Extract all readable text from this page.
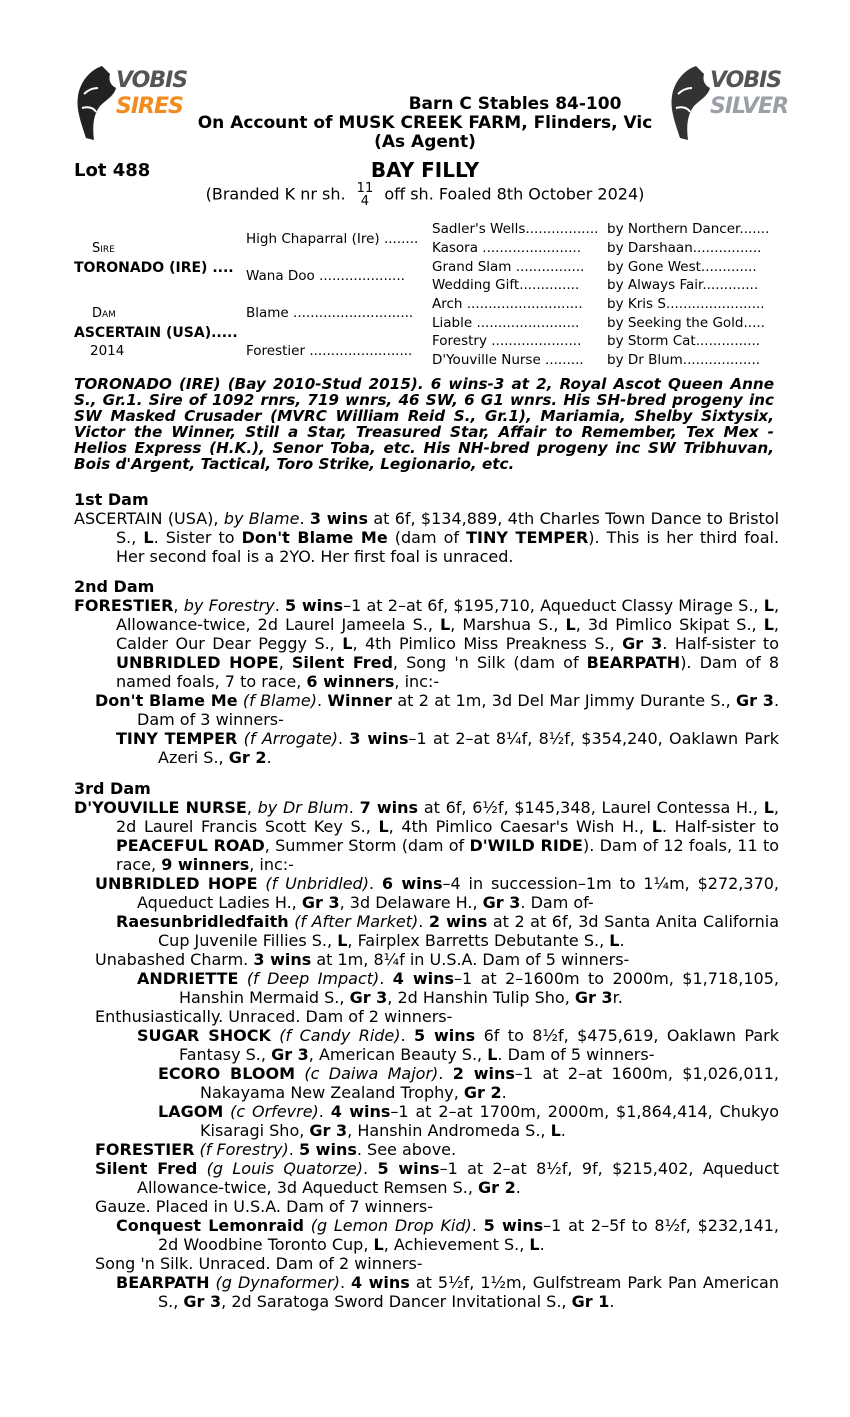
VOBIS
SIRES
VOBIS
SILVER
Barn C Stables 84-100
On Account of MUSK CREEK FARM, Flinders, Vic
(As Agent)
Lot 488	BAY FILLY
(Branded K nr sh. 11
4 off sh. Foaled 8th October 2024)
Sire
TORONADO (IRE) ....
Dam
ASCERTAIN (USA).....
2014
High Chaparral (Ire) ........
Wana Doo ....................
Blame ............................
Forestier ........................
Sadler's Wells.................
Kasora .......................
Grand Slam ................
Wedding Gift..............
Arch ...........................
Liable ........................
Forestry .....................
D'Youville Nurse .........
by Northern Dancer.......
by Darshaan................
by Gone West.............
by Always Fair.............
by Kris S.......................
by Seeking the Gold.....
by Storm Cat...............
by Dr Blum..................
TORONADO (IRE) (Bay 2010-Stud 2015). 6 wins-3 at 2, Royal Ascot Queen Anne S., Gr.1. Sire of 1092 rnrs, 719 wnrs, 46 SW, 6 G1 wnrs. His SH-bred progeny inc SW Masked Crusader (MVRC William Reid S., Gr.1), Mariamia, Shelby Sixtysix, Victor the Winner, Still a Star, Treasured Star, Affair to Remember, Tex Mex - Helios Express (H.K.), Senor Toba, etc. His NH-bred progeny inc SW Tribhuvan, Bois d'Argent, Tactical, Toro Strike, Legionario, etc.
1st Dam
ASCERTAIN (USA), by Blame. 3 wins at 6f, $134,889, 4th Charles Town Dance to Bristol S., L. Sister to Don't Blame Me (dam of TINY TEMPER). This is her third foal. Her second foal is a 2YO. Her first foal is unraced.
2nd Dam
FORESTIER, by Forestry. 5 wins–1 at 2–at 6f, $195,710, Aqueduct Classy Mirage S., L, Allowance-twice, 2d Laurel Jameela S., L, Marshua S., L, 3d Pimlico Skipat S., L, Calder Our Dear Peggy S., L, 4th Pimlico Miss Preakness S., Gr 3. Half-sister to UNBRIDLED HOPE, Silent Fred, Song 'n Silk (dam of BEARPATH). Dam of 8 named foals, 7 to race, 6 winners, inc:-
Don't Blame Me (f Blame). Winner at 2 at 1m, 3d Del Mar Jimmy Durante S., Gr 3. Dam of 3 winners-
TINY TEMPER (f Arrogate). 3 wins–1 at 2–at 8¼f, 8½f, $354,240, Oaklawn Park Azeri S., Gr 2.
3rd Dam
D'YOUVILLE NURSE, by Dr Blum. 7 wins at 6f, 6½f, $145,348, Laurel Contessa H., L, 2d Laurel Francis Scott Key S., L, 4th Pimlico Caesar's Wish H., L. Half-sister to PEACEFUL ROAD, Summer Storm (dam of D'WILD RIDE). Dam of 12 foals, 11 to race, 9 winners, inc:-
UNBRIDLED HOPE (f Unbridled). 6 wins–4 in succession–1m to 1¼m, $272,370, Aqueduct Ladies H., Gr 3, 3d Delaware H., Gr 3. Dam of-
Raesunbridledfaith (f After Market). 2 wins at 2 at 6f, 3d Santa Anita California Cup Juvenile Fillies S., L, Fairplex Barretts Debutante S., L.
Unabashed Charm. 3 wins at 1m, 8¼f in U.S.A. Dam of 5 winners-
ANDRIETTE (f Deep Impact). 4 wins–1 at 2–1600m to 2000m, $1,718,105, Hanshin Mermaid S., Gr 3, 2d Hanshin Tulip Sho, Gr 3r.
Enthusiastically. Unraced. Dam of 2 winners-
SUGAR SHOCK (f Candy Ride). 5 wins 6f to 8½f, $475,619, Oaklawn Park Fantasy S., Gr 3, American Beauty S., L. Dam of 5 winners-
ECORO BLOOM (c Daiwa Major). 2 wins–1 at 2–at 1600m, $1,026,011, Nakayama New Zealand Trophy, Gr 2.
LAGOM (c Orfevre). 4 wins–1 at 2–at 1700m, 2000m, $1,864,414, Chukyo Kisaragi Sho, Gr 3, Hanshin Andromeda S., L.
FORESTIER (f Forestry). 5 wins. See above.
Silent Fred (g Louis Quatorze). 5 wins–1 at 2–at 8½f, 9f, $215,402, Aqueduct Allowance-twice, 3d Aqueduct Remsen S., Gr 2.
Gauze. Placed in U.S.A. Dam of 7 winners-
Conquest Lemonraid (g Lemon Drop Kid). 5 wins–1 at 2–5f to 8½f, $232,141, 2d Woodbine Toronto Cup, L, Achievement S., L.
Song 'n Silk. Unraced. Dam of 2 winners-
BEARPATH (g Dynaformer). 4 wins at 5½f, 1½m, Gulfstream Park Pan American S., Gr 3, 2d Saratoga Sword Dancer Invitational S., Gr 1.
